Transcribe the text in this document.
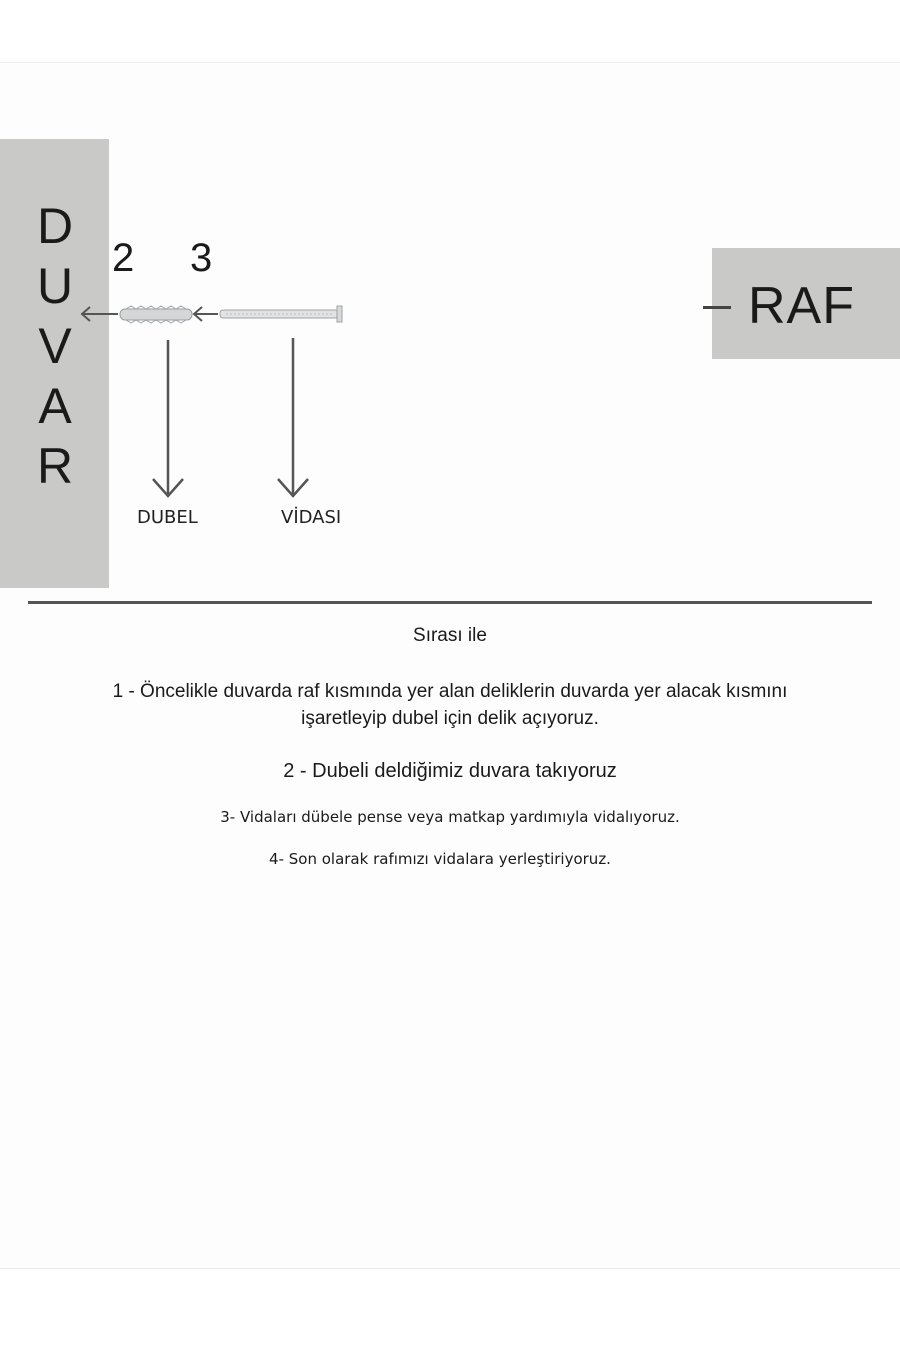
D
U
V
A
R
2 3
DUBEL	VİDASI
RAF
Sırası ile
1 - Öncelikle duvarda raf kısmında yer alan deliklerin duvarda yer alacak kısmını işaretleyip dubel için delik açıyoruz.
2 - Dubeli deldiğimiz duvara takıyoruz
3- Vidaları dübele pense veya matkap yardımıyla vidalıyoruz.
4- Son olarak rafımızı vidalara yerleştiriyoruz.
